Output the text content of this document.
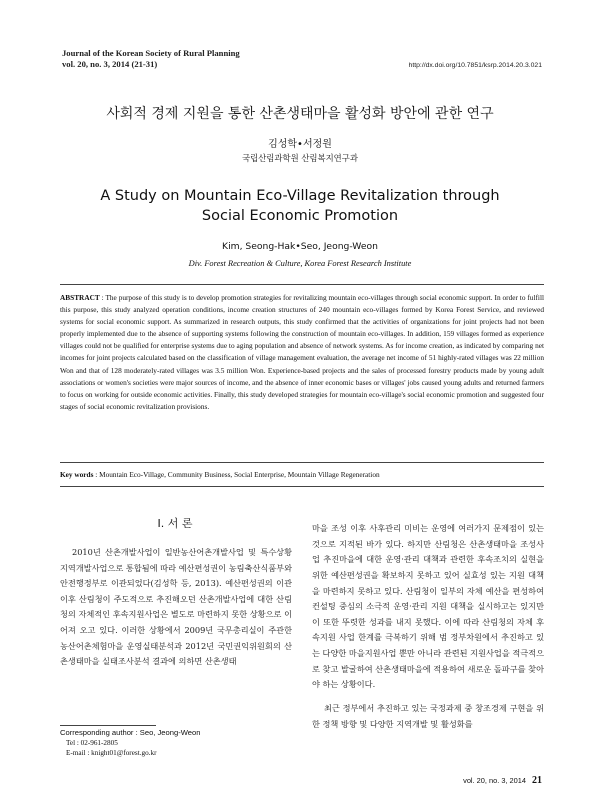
Journal of the Korean Society of Rural Planning
vol. 20, no. 3, 2014 (21-31)	http://dx.doi.org/10.7851/ksrp.2014.20.3.021
사회적 경제 지원을 통한 산촌생태마을 활성화 방안에 관한 연구
김성학•서정원
국립산림과학원 산림복지연구과
A Study on Mountain Eco-Village Revitalization through
Social Economic Promotion
Kim, Seong-Hak•Seo, Jeong-Weon
Div. Forest Recreation & Culture, Korea Forest Research Institute

ABSTRACT : The purpose of this study is to develop promotion strategies for revitalizing mountain eco-villages through social economic support. In order to fulfill this purpose, this study analyzed operation conditions, income creation structures of 240 mountain eco-villages formed by Korea Forest Service, and reviewed systems for social economic support. As summarized in research outputs, this study confirmed that the activities of organizations for joint projects had not been properly implemented due to the absence of supporting systems following the construction of mountain eco-villages. In addition, 159 villages formed as experience villages could not be qualified for enterprise systems due to aging population and absence of network systems. As for income creation, as indicated by comparing net incomes for joint projects calculated based on the classification of village management evaluation, the average net income of 51 highly-rated villages was 22 million Won and that of 128 moderately-rated villages was 3.5 million Won. Experience-based projects and the sales of processed forestry products made by young adult associations or women's societies were major sources of income, and the absence of inner economic bases or villages' jobs caused young adults and returned farmers to focus on working for outside economic activities. Finally, this study developed strategies for mountain eco-village's social economic promotion and suggested four stages of social economic revitalization provisions.

Key words : Mountain Eco-Village, Community Business, Social Enterprise, Mountain Village Regeneration

I. 서 론

2010년 산촌개발사업이 일반농산어촌개발사업 및 특수상황지역개발사업으로 통합됨에 따라 예산편성권이 농림축산식품부와 안전행정부로 이관되었다(김성학 등, 2013). 예산편성권의 이관 이후 산림청이 주도적으로 추진해오던 산촌개발사업에 대한 산림청의 자체적인 후속지원사업은 별도로 마련하지 못한 상황으로 이어져 오고 있다. 이러한 상황에서 2009년 국무총리실이 주관한 농산어촌체험마을 운영실태분석과 2012년 국민권익위원회의 산촌생태마을 실태조사분석 결과에 의하면 산촌생태

마을 조성 이후 사후관리 미비는 운영에 여러가지 문제점이 있는 것으로 지적된 바가 있다. 하지만 산림청은 산촌생태마을 조성사업 추진마을에 대한 운영·관리 대책과 관련한 후속조치의 실현을 위한 예산편성권을 확보하지 못하고 있어 실효성 있는 지원 대책을 마련하지 못하고 있다. 산림청이 일부의 자체 예산을 편성하여 컨설팅 중심의 소극적 운영·관리 지원 대책을 실시하고는 있지만 이 또한 뚜렷한 성과를 내지 못했다. 이에 따라 산림청의 자체 후속지원 사업 한계를 극복하기 위해 범 정부차원에서 추진하고 있는 다양한 마을지원사업 뿐만 아니라 관련된 지원사업을 적극적으로 찾고 발굴하여 산촌생태마을에 적용하여 새로운 돌파구를 찾아야 하는 상황이다.

최근 정부에서 추진하고 있는 국정과제 중 창조경제 구현을 위한 정책 방향 및 다양한 지역개발 및 활성화를

Corresponding author : Seo, Jeong-Weon
Tel : 02-961-2805
E-mail : knight01@forest.go.kr
vol. 20, no. 3, 2014 21
